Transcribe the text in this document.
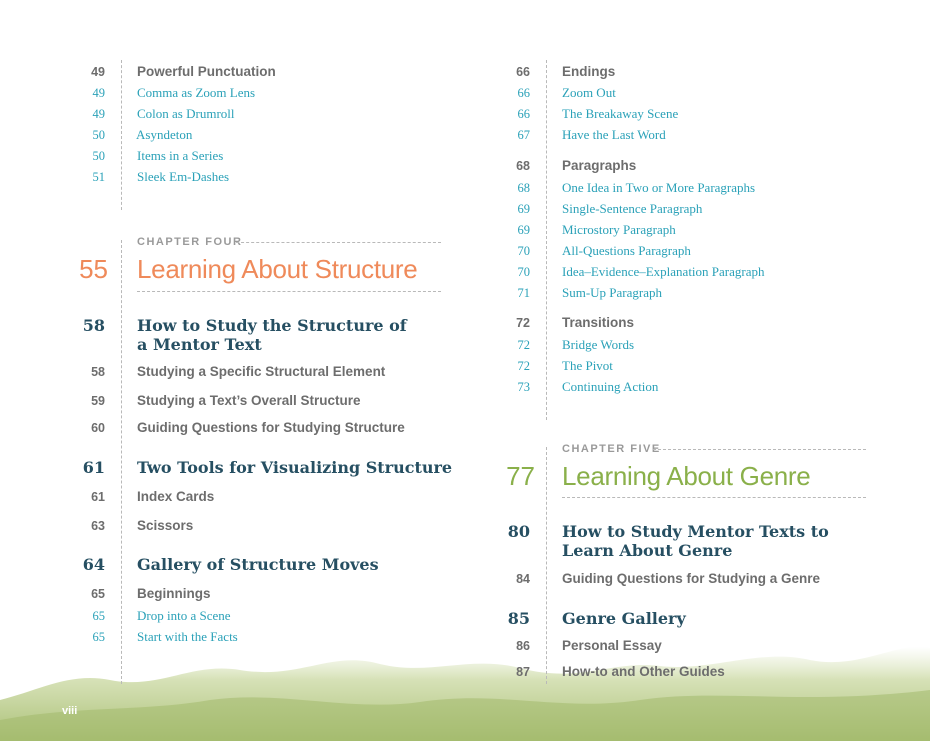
49 Powerful Punctuation
49 Comma as Zoom Lens
49 Colon as Drumroll
50 Asyndeton
50 Items in a Series
51 Sleek Em-Dashes
CHAPTER FOUR
55 Learning About Structure
58 How to Study the Structure of a Mentor Text
58 Studying a Specific Structural Element
59 Studying a Text’s Overall Structure
60 Guiding Questions for Studying Structure
61 Two Tools for Visualizing Structure
61 Index Cards
63 Scissors
64 Gallery of Structure Moves
65 Beginnings
65 Drop into a Scene
65 Start with the Facts
66 Endings
66 Zoom Out
66 The Breakaway Scene
67 Have the Last Word
68 Paragraphs
68 One Idea in Two or More Paragraphs
69 Single-Sentence Paragraph
69 Microstory Paragraph
70 All-Questions Paragraph
70 Idea–Evidence–Explanation Paragraph
71 Sum-Up Paragraph
72 Transitions
72 Bridge Words
72 The Pivot
73 Continuing Action
CHAPTER FIVE
77 Learning About Genre
80 How to Study Mentor Texts to Learn About Genre
84 Guiding Questions for Studying a Genre
85 Genre Gallery
86 Personal Essay
87 How-to and Other Guides
viii
